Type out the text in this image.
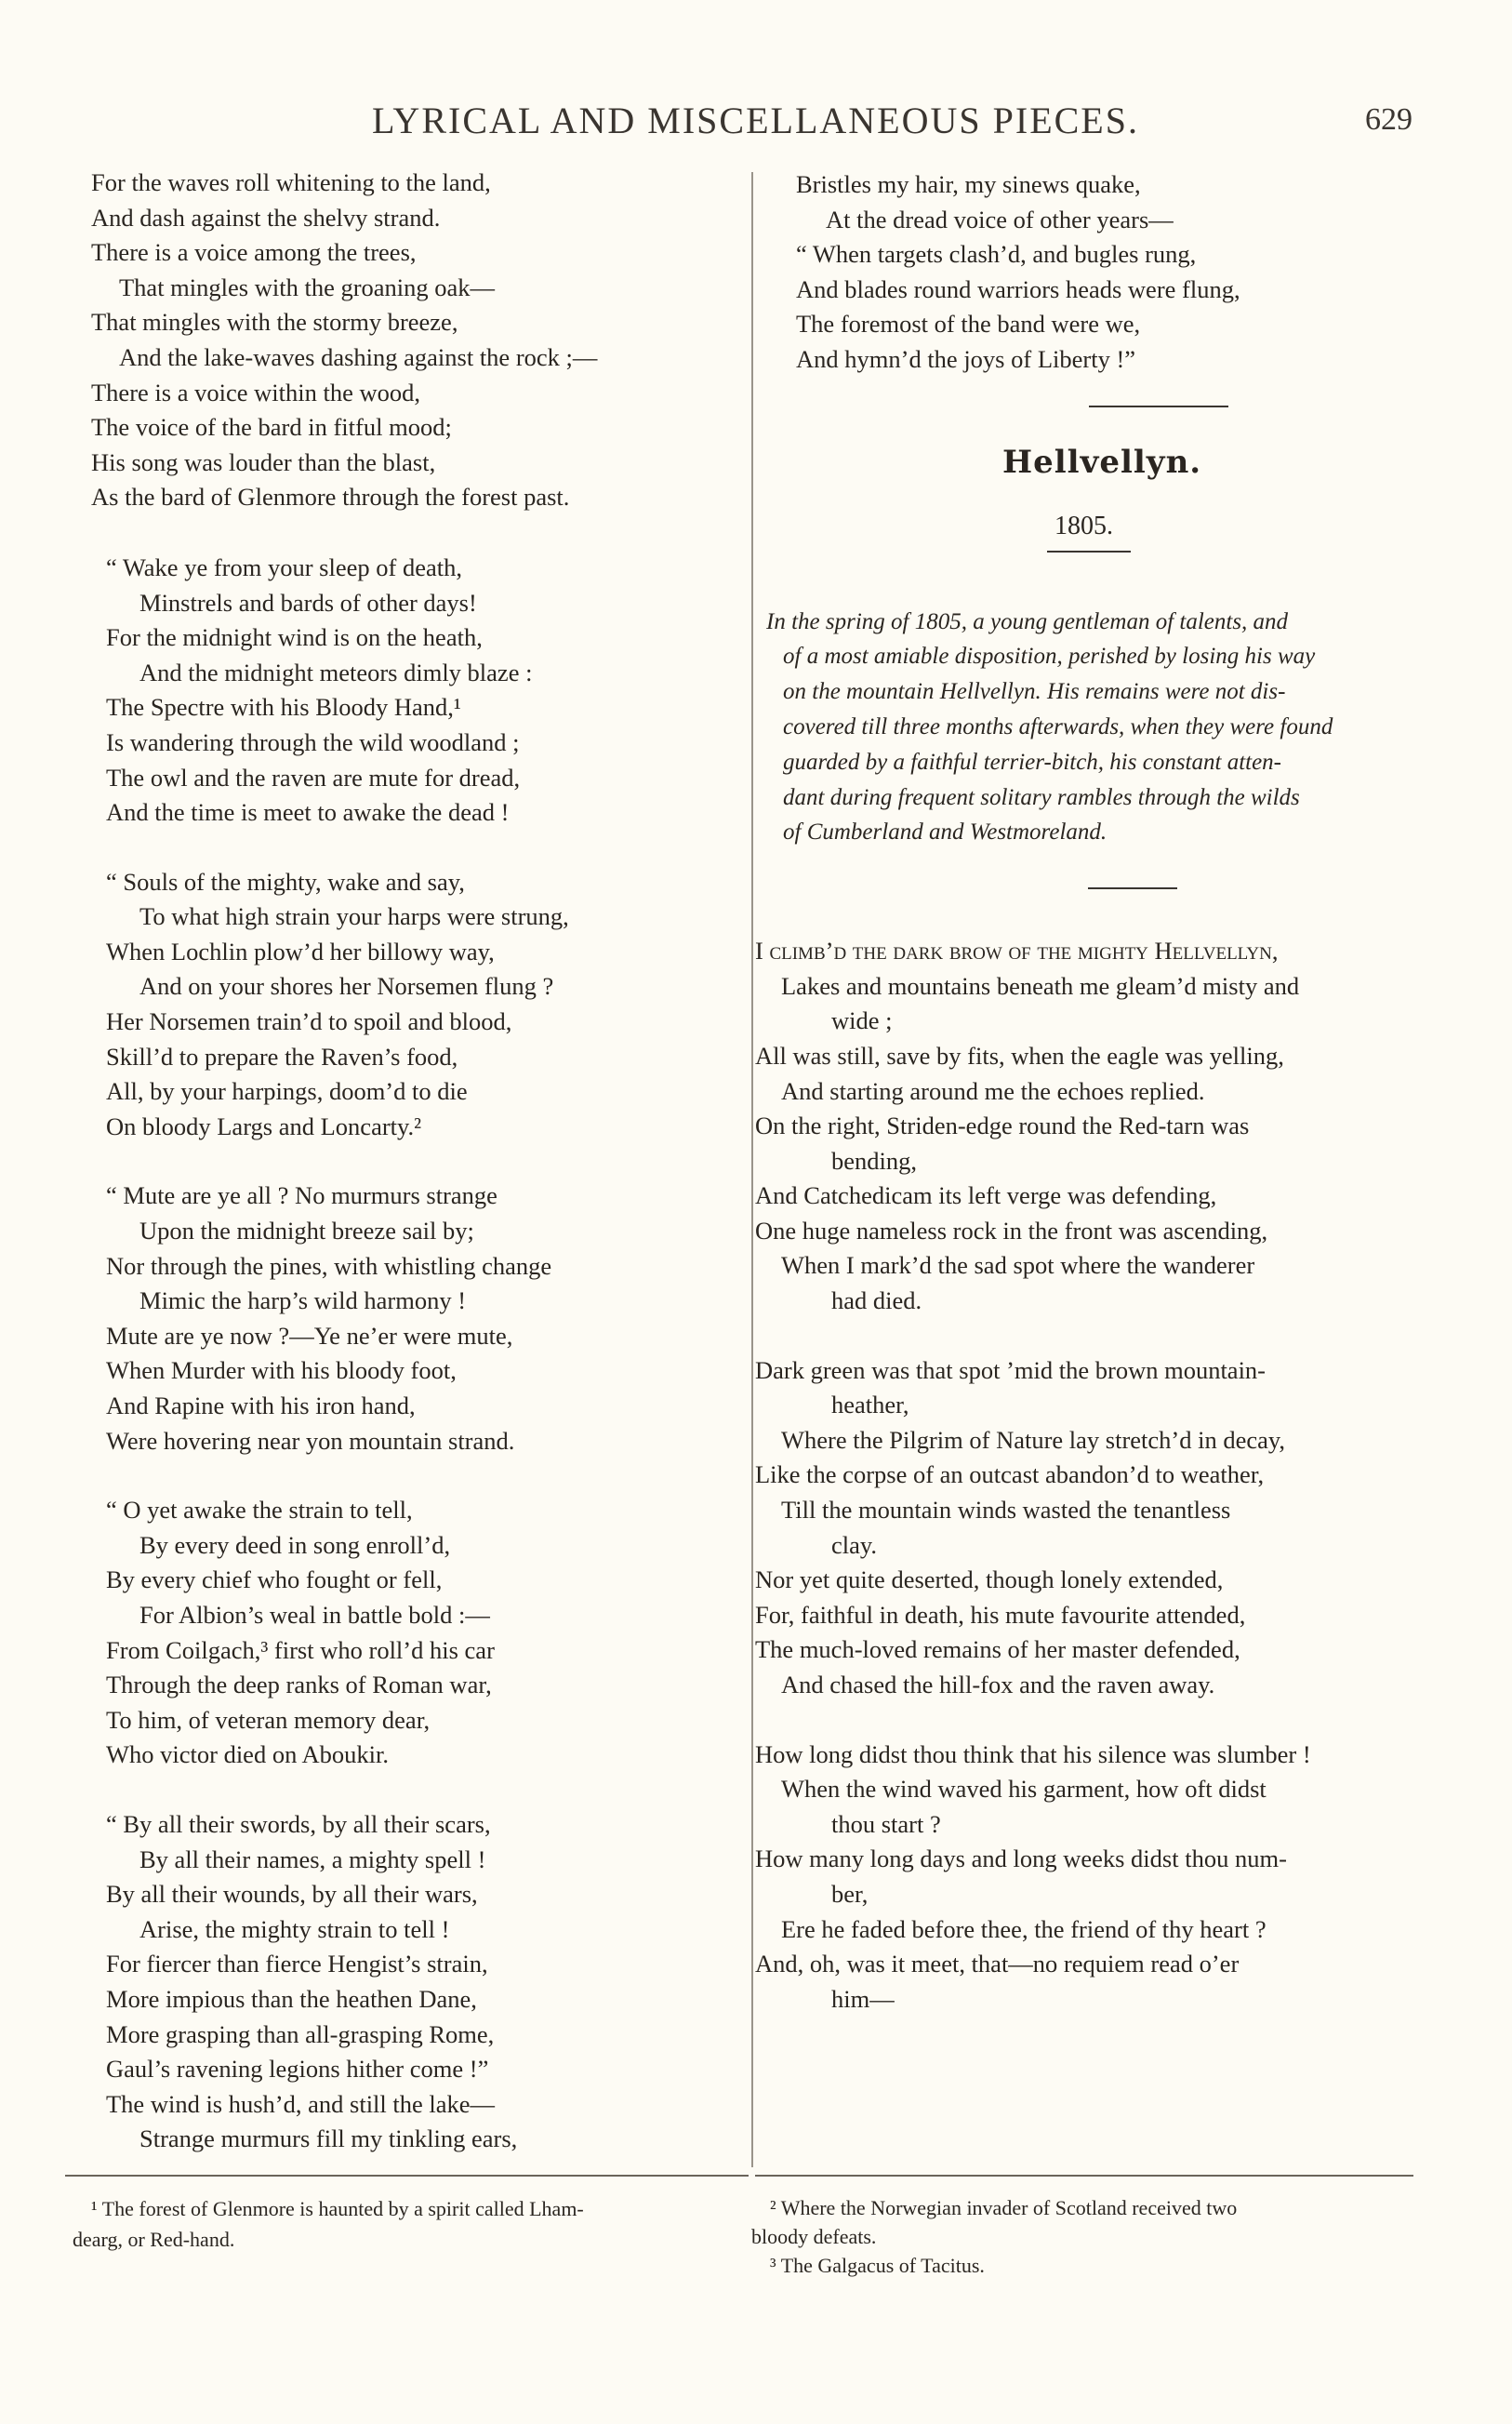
LYRICAL AND MISCELLANEOUS PIECES.	629
For the waves roll whitening to the land,
And dash against the shelvy strand.
There is a voice among the trees,
That mingles with the groaning oak—
That mingles with the stormy breeze,
And the lake-waves dashing against the rock ;—
There is a voice within the wood,
The voice of the bard in fitful mood;
His song was louder than the blast,
As the bard of Glenmore through the forest past.
“ Wake ye from your sleep of death,
Minstrels and bards of other days!
For the midnight wind is on the heath,
And the midnight meteors dimly blaze :
The Spectre with his Bloody Hand,¹
Is wandering through the wild woodland ;
The owl and the raven are mute for dread,
And the time is meet to awake the dead !
“ Souls of the mighty, wake and say,
To what high strain your harps were strung,
When Lochlin plow’d her billowy way,
And on your shores her Norsemen flung ?
Her Norsemen train’d to spoil and blood,
Skill’d to prepare the Raven’s food,
All, by your harpings, doom’d to die
On bloody Largs and Loncarty.²
“ Mute are ye all ? No murmurs strange
Upon the midnight breeze sail by;
Nor through the pines, with whistling change
Mimic the harp’s wild harmony !
Mute are ye now ?—Ye ne’er were mute,
When Murder with his bloody foot,
And Rapine with his iron hand,
Were hovering near yon mountain strand.
“ O yet awake the strain to tell,
By every deed in song enroll’d,
By every chief who fought or fell,
For Albion’s weal in battle bold :—
From Coilgach,³ first who roll’d his car
Through the deep ranks of Roman war,
To him, of veteran memory dear,
Who victor died on Aboukir.
“ By all their swords, by all their scars,
By all their names, a mighty spell !
By all their wounds, by all their wars,
Arise, the mighty strain to tell !
For fiercer than fierce Hengist’s strain,
More impious than the heathen Dane,
More grasping than all-grasping Rome,
Gaul’s ravening legions hither come !”
The wind is hush’d, and still the lake—
Strange murmurs fill my tinkling ears,
Bristles my hair, my sinews quake,
At the dread voice of other years—
“ When targets clash’d, and bugles rung,
And blades round warriors heads were flung,
The foremost of the band were we,
And hymn’d the joys of Liberty !”
Hellvellyn.
1805.
In the spring of 1805, a young gentleman of talents, and
of a most amiable disposition, perished by losing his way
on the mountain Hellvellyn. His remains were not dis-
covered till three months afterwards, when they were found
guarded by a faithful terrier-bitch, his constant atten-
dant during frequent solitary rambles through the wilds
of Cumberland and Westmoreland.
I climb’d the dark brow of the mighty Hellvellyn,
Lakes and mountains beneath me gleam’d misty and
wide ;
All was still, save by fits, when the eagle was yelling,
And starting around me the echoes replied.
On the right, Striden-edge round the Red-tarn was
bending,
And Catchedicam its left verge was defending,
One huge nameless rock in the front was ascending,
When I mark’d the sad spot where the wanderer
had died.
Dark green was that spot ’mid the brown mountain-
heather,
Where the Pilgrim of Nature lay stretch’d in decay,
Like the corpse of an outcast abandon’d to weather,
Till the mountain winds wasted the tenantless
clay.
Nor yet quite deserted, though lonely extended,
For, faithful in death, his mute favourite attended,
The much-loved remains of her master defended,
And chased the hill-fox and the raven away.
How long didst thou think that his silence was slumber !
When the wind waved his garment, how oft didst
thou start ?
How many long days and long weeks didst thou num-
ber,
Ere he faded before thee, the friend of thy heart ?
And, oh, was it meet, that—no requiem read o’er
him—
¹ The forest of Glenmore is haunted by a spirit called Lham-
dearg, or Red-hand.
² Where the Norwegian invader of Scotland received two
bloody defeats.
³ The Galgacus of Tacitus.
